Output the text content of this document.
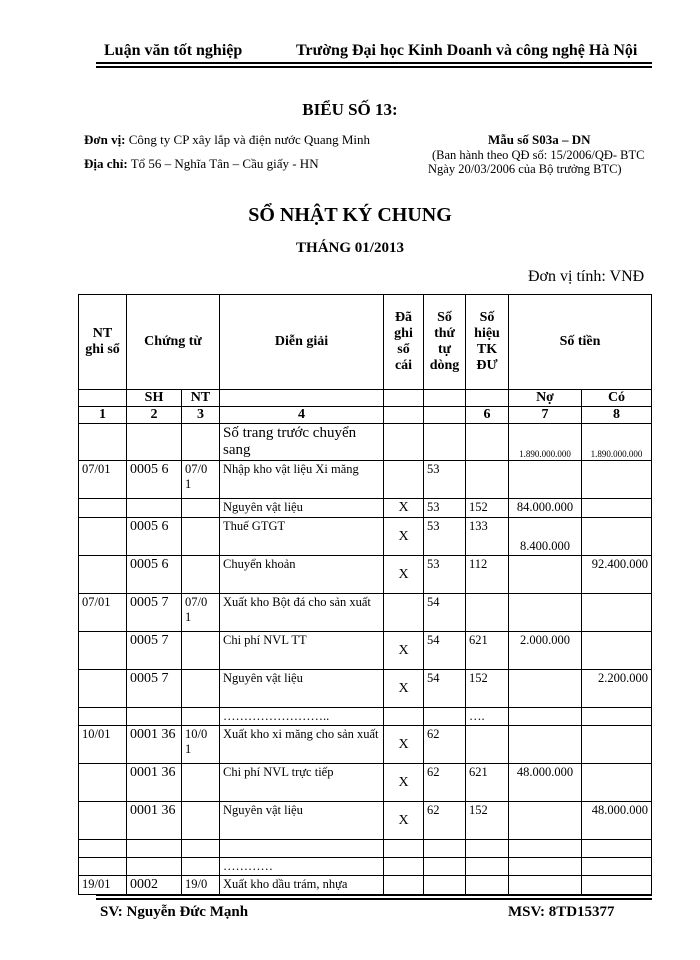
Luận văn tốt nghiệp	Trường Đại học Kinh Doanh và công nghệ Hà Nội
BIỂU SỐ 13:
Đơn vị: Công ty CP xây lắp và điện nước Quang Minh
Địa chỉ: Tổ 56 – Nghĩa Tân – Cầu giấy - HN
Mẫu số S03a – DN
(Ban hành theo QĐ số: 15/2006/QĐ- BTC
Ngày 20/03/2006 của Bộ trưởng BTC)
SỔ NHẬT KÝ CHUNG
THÁNG 01/2013
Đơn vị tính: VNĐ
NT ghi sổ	Chứng từ		Diễn giải	Đã ghi sổ cái	Số thứ tự dòng	Số hiệu TK ĐƯ	Số tiền	
	SH	NT					Nợ	Có
1	2	3	4			6	7	8
			Số trang trước chuyển sang				1.890.000.000	1.890.000.000
07/01	0005 6	07/0 1	Nhập kho vật liệu Xi măng		53			
			Nguyên vật liệu	X	53	152	84.000.000	
	0005 6		Thuế GTGT	X	53	133	8.400.000	
	0005 6		Chuyển khoản	X	53	112		92.400.000
07/01	0005 7	07/0 1	Xuất kho Bột đá cho sản xuất		54			
	0005 7		Chi phí NVL TT	X	54	621	2.000.000	
	0005 7		Nguyên vật liệu	X	54	152		2.200.000
			……………………..			….		
10/01	0001 36	10/0 1	Xuất kho xi măng cho sản xuất	X	62			
	0001 36		Chi phí NVL trực tiếp	X	62	621	48.000.000	
	0001 36		Nguyên vật liệu	X	62	152		48.000.000

			…………					
19/01	0002	19/0	Xuất kho dầu trám, nhựa					
SV: Nguyễn Đức Mạnh	MSV: 8TD15377
